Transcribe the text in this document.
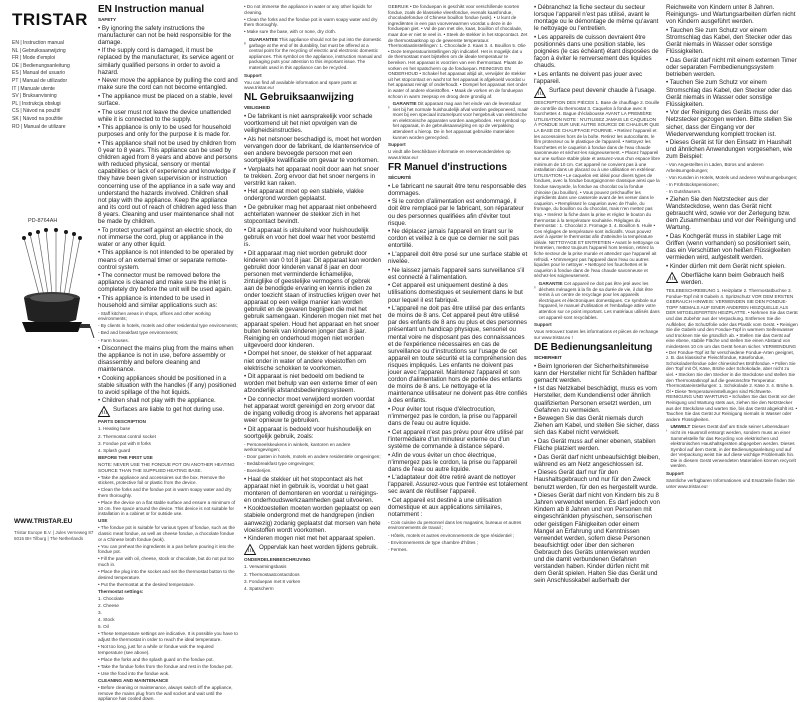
TRISTAR
EN | Instruction manual
NL | Gebruiksaanwijzing
FR | Mode d'emploi
DE | Bedienungsanleitung
ES | Manual del usuario
PT | Manual de utilizador
IT | Manuale utente
SV | Bruksanvisning
PL | Instrukcja obsługi
CS | Návod na použití
SK | Návod na použitie
RO | Manual de utilizare
PD-8764AH
WWW.TRISTAR.EU
Tristar Europe B.V. | Jules Verneweg 87
5015 BH Tilburg | The Netherlands
EN Instruction manual

SAFETY

• By ignoring the safety instructions the manufacturer can not be held responsible for the damage.

• If the supply cord is damaged, it must be replaced by the manufacturer, its service agent or similarly qualified persons in order to avoid a hazard.

• Never move the appliance by pulling the cord and make sure the cord can not become entangled.

• The appliance must be placed on a stable, level surface.

• The user must not leave the device unattended while it is connected to the supply.

• This appliance is only to be used for household purposes and only for the purpose it is made for.

• This appliance shall not be used by children from 0 year to 8 years. This appliance can be used by children aged from 8 years and above and persons with reduced physical, sensory or mental capabilities or lack of experience and knowledge if they have been given supervision or instruction concerning use of the appliance in a safe way and understand the hazards involved. Children shall not play with the appliance. Keep the appliance and its cord out of reach of children aged less than 8 years. Cleaning and user maintenance shall not be made by children.

• To protect yourself against an electric shock, do not immerse the cord, plug or appliance in the water or any other liquid.

• This appliance is not intended to be operated by means of an external timer or separate remote-control system.

• The connector must be removed before the appliance is cleaned and make sure the inlet is completely dry before the unit will be used again.

• This appliance is intended to be used in household and similar applications such as:

- Staff kitchen areas in shops, offices and other working environments;

- By clients in hotels, motels and other residential type environments;

- Bed and breakfast type environments;

- Farm houses.

• Disconnect the mains plug from the mains when the appliance is not in use, before assembly or disassembly and before cleaning and maintenance.

• Cooking appliances should be positioned in a stable situation with the handles (if any) positioned to avoid spillage of the hot liquids.

• Children shall not play with the appliance.

Surfaces are liable to get hot during use.

PARTS DESCRIPTION

1. Heating base

2. Thermostat control socket

3. Fondue pot with 8 forks

4. Splash guard

BEFORE THE FIRST USE

NOTE: NEVER USE THE FONDUE POT ON ANOTHER HEATING SOURCE THAN THE SUPPLIED HEATING BASE.

• Take the appliance and accessoires out the box. Remove the stickers, protective foil or plastic from the device.

• Clean the forks and the fondue pot in warm soapy water and dry them thoroughly.

• Place the device on a flat stable surface and ensure a minimum of 10 cm. free space around the device. This device is not suitable for installation in a cabinet or for outside use.

USE

• The fondue pot is suitable for various types of fondue, such as the classic meat fondue, as well as cheese fondue, a chocolate fondue or a Chinese broth fondue (wok).

• You can preheat the ingredients in a pan before pouring it into the fondue pot.

• Fill the pan with oil, cheese, stock or chocolate, but do not put too much in.

• Place the plug into the socket and set the thermostat button to the desired temperature.

• Put the thermostat at the desired temperature.

Thermostat settings:

1. Chocolate

2. Cheese

3.

4. Stock

5. Oil

• These temperature settings are indicative. It is possible you have to adjust the thermostat in order to reach the ideal temperature.

• Not too long, just for a while or fondue wok the required temperature (see above).

• Place the forks and the splash guard on the fondue pot.

• Take the fondue forks from the fondue and rest in the fondue pot.

• Use the food into the fondue wok.

CLEANING AND MAINTENANCE

• Before cleaning or maintenance, always switch off the appliance, remove the mains plug from the wall socket and wait until the appliance has cooled down.

• Do not immerse the appliance in water or any other liquids for cleaning.

• Clean the forks and the fondue pot in warm soapy water and dry them thoroughly.

• Make sure the base, with or none, dry cloth.

GUARANTEE This appliance should not be put into the domestic garbage at the end of its durability, but must be offered at a central point for the recycling of electric and electronic domestic appliances. This symbol on the appliance, instruction manual and packaging puts your attention to this important issue. The materials used in this appliance can be recycled.

Support

You can find all available information and spare parts at www.tristar.eu!

NL Gebruiksaanwijzing

VEILIGHEID

• De fabrikant is niet aansprakelijk voor schade voortkomend uit het niet opvolgen van de veiligheidsinstructies.

• Als het netsnoer beschadigd is, moet het worden vervangen door de fabrikant, de klantenservice of een andere bevoegde persoon met een soortgelijke kwalificatie om gevaar te voorkomen.

• Verplaats het apparaat nooit door aan het snoer te trekken. Zorg ervoor dat het snoer nergens in verstrikt kan raken.

• Het apparaat moet op een stabiele, vlakke ondergrond worden geplaatst.

• De gebruiker mag het apparaat niet onbeheerd achterlaten wanneer de stekker zich in het stopcontact bevindt.

• Dit apparaat is uitsluitend voor huishoudelijk gebruik en voor het doel waar het voor bestemd is.

• Dit apparaat mag niet worden gebruikt door kinderen van 0 tot 8 jaar. Dit apparaat kan worden gebruikt door kinderen vanaf 8 jaar en door personen met verminderde lichamelijke, zintuiglijke of geestelijke vermogens of gebrek aan de benodigde ervaring en kennis indien ze onder toezicht staan of instructies krijgen over het apparaat op een veilige manier kan worden gebruikt en de gevaren begrijpen die met het gebruik samengaan. Kinderen mogen niet met het apparaat spelen. Houd het apparaat en het snoer buiten bereik van kinderen jonger dan 8 jaar. Reiniging en onderhoud mogen niet worden uitgevoerd door kinderen.

• Dompel het snoer, de stekker of het apparaat niet onder in water of andere vloeistoffen om elektrische schokken te voorkomen.

• Dit apparaat is niet bedoeld om bediend te worden met behulp van een externe timer of een afzonderlijk afstandsbedieningssysteem.

• De connector moet verwijderd worden voordat het apparaat wordt gereinigd en zorg ervoor dat de ingang volledig droog is alvorens het apparaat weer opnieuw te gebruiken.

• Dit apparaat is bedoeld voor huishoudelijk en soortgelijk gebruik, zoals:

- Personeelskeukens in winkels, kantoren en andere werkomgevingen;

- Door gasten in hotels, motels en andere residentiële omgevingen;

- Bed&breakfast type omgevingen;

- Boerderijen.

• Haal de stekker uit het stopcontact als het apparaat niet in gebruik is, voordat u het gaat monteren of demonteren en voordat u reinigings- en onderhoudswerkzaamheden gaat uitvoeren.

• Kooktoestellen moeten worden geplaatst op een stabiele ondergrond met de handgrepen (indien aanwezig) zodanig geplaatst dat morsen van hete vloeistoffen wordt voorkomen.

• Kinderen mogen niet met het apparaat spelen.

Oppervlak kan heet worden tijdens gebruik.

ONDERDELENBESCHRIJVING

1. Verwarmingsbasis

2. Thermostaatcontactdoos

3. Fonduepan met 8 vorken

4. Spatscherm

GEBRUIK • De fonduepan is geschikt voor verschillende soorten fondue, zoals de klassieke vleesfondue, evenals kaasfondue, chocoladefondue of Chinese bouillon fondue (wok). • U kunt de ingrediënten in een pan voorverwarmen voordat u deze in de fonduepan giet. • Vul de pan met olie, kaas, bouillon of chocolade, maar doe er niet te veel in. • Steek de stekker in het stopcontact. Zet de thermostaatknop op de gewenste temperatuur. Thermostaatinstellingen: 1. Chocolade 2. Kaas 3. 4. Bouillon 5. Olie • Deze temperatuurinstellingen zijn indicatief. Het is mogelijk dat u de thermostaat moet bijstellen om de ideale temperatuur te bereiken. Het apparaat is voorzien van een thermostaat. Plaats de vorken en het spatscherm op de fonduepan. REINIGING EN ONDERHOUD • Schakel het apparaat altijd uit, verwijder de stekker uit het stopcontact en wacht tot het apparaat is afgekoeld voordat u het apparaat reinigt of onderhoudt. • Dompel het apparaat niet onder in water of andere vloeistoffen. • Maak de vorken en de fonduepan schoon in warm zeepsop en droog deze grondig af.

GARANTIE Dit apparaat mag aan het einde van de levensduur niet bij het normale huishoudelijk afval worden gedeponeerd, maar moet bij een speciaal inzamelpunt voor hergebruik van elektrische en elektronische apparaten worden aangeboden. Het symbool op het apparaat, in de gebruiksaanwijzing en op de verpakking attendeert u hierop. De in het apparaat gebruikte materialen kunnen worden gerecycled.

Support

U vindt alle beschikbare informatie en reserveonderdelen op www.tristar.eu!

FR Manuel d'instructions

SÉCURITÉ

• Le fabricant ne saurait être tenu responsable des dommages.

• Si le cordon d'alimentation est endommagé, il doit être remplacé par le fabricant, son réparateur ou des personnes qualifiées afin d'éviter tout risque.

• Ne déplacez jamais l'appareil en tirant sur le cordon et veillez à ce que ce dernier ne soit pas entortillé.

• L'appareil doit être posé sur une surface stable et nivelée.

• Ne laissez jamais l'appareil sans surveillance s'il est connecté à l'alimentation.

• Cet appareil est uniquement destiné à des utilisations domestiques et seulement dans le but pour lequel il est fabriqué.

• L'appareil ne doit pas être utilisé par des enfants de moins de 8 ans. Cet appareil peut être utilisé par des enfants de 8 ans ou plus et des personnes présentant un handicap physique, sensoriel ou mental voire ne disposant pas des connaissances et de l'expérience nécessaires en cas de surveillance ou d'instructions sur l'usage de cet appareil en toute sécurité et la compréhension des risques impliqués. Les enfants ne doivent pas jouer avec l'appareil. Maintenez l'appareil et son cordon d'alimentation hors de portée des enfants de moins de 8 ans. Le nettoyage et la maintenance utilisateur ne doivent pas être confiés à des enfants.

• Pour éviter tout risque d'électrocution, n'immergez pas le cordon, la prise ou l'appareil dans de l'eau ou autre liquide.

• Cet appareil n'est pas prévu pour être utilisé par l'intermédiaire d'un minuteur externe ou d'un système de commande à distance séparé.

• Afin de vous éviter un choc électrique, n'immergez pas le cordon, la prise ou l'appareil dans de l'eau ou autre liquide.

• L'adaptateur doit être retiré avant de nettoyer l'appareil. Assurez-vous que l'entrée est totalement sec avant de réutiliser l'appareil.

• Cet appareil est destiné à une utilisation domestique et aux applications similaires, notamment :

- Coin cuisine du personnel dans les magasins, bureaux et autres environnements de travail ;

- Hôtels, motels et autres environnements de type résidentiel ;

- Environnements de type chambre d'hôtes ;

- Fermes.

• Débranchez la fiche secteur du secteur lorsque l'appareil n'est pas utilisé, avant le montage ou le démontage de même qu'avant le nettoyage ou l'entretien.

• Les appareils de cuisson devraient être positionnés dans une position stable, les poignées (le cas échéant) étant disposées de façon à éviter le renversement des liquides chauds.

• Les enfants ne doivent pas jouer avec l'appareil.

Surface peut devenir chaude à l'usage.

DESCRIPTION DES PIÈCES 1. Base de chauffage 2. Douille de contrôle du thermostat 3. Caquelon à fondue avec 8 fourchettes 4. Bague d'éclabousse AVANT LA PREMIÈRE UTILISATION NOTE : N'UTILISEZ JAMAIS LE CAQUELON À FONDUE SUR UNE AUTRE SOURCE DE CHALEUR QUE LA BASE DE CHAUFFAGE FOURNIE. • Retirez l'appareil et les accessoires hors de la boîte. Retirez les autocollants, le film protecteur ou le plastique de l'appareil. • Nettoyez les fourchettes et le caquelon à fondue dans de l'eau chaude savonneuse et séchez-les soigneusement. • Placez l'appareil sur une surface stable plate et assurez-vous d'un espace libre minimum de 10 cm. Cet appareil ne convient pas à une installation dans un placard ou à une utilisation en extérieur. UTILISATION • Le caquelon est idéal pour divers types de fondues, avec la fondue bourguignonne classique ainsi que la fondue savoyarde, la fondue au chocolat ou la fondue chinoise (au bouillon). • Vous pouvez préchauffer les ingrédients dans une casserole avant de les verser dans le caquelon. • Remplissez le caquelon avec de l'huile, du fromage, du bouillon ou du chocolat, mais n'en mettez pas trop. • Insérez la fiche dans la prise et réglez le bouton du thermostat à la température souhaitée. Réglages du thermostat : 1. Chocolat 2. Fromage 3. 4. Bouillon 5. Huile • Ces réglages de température sont indicatifs. Vous pouvez avoir à ajuster le thermostat afin d'atteindre la température idéale. NETTOYAGE ET ENTRETIEN • Avant le nettoyage ou l'entretien, mettez toujours l'appareil hors tension, retirez la fiche secteur de la prise murale et attendez que l'appareil ait refroidi. • N'immergez pas l'appareil dans l'eau ou autres liquides pour le nettoyer. • Nettoyez les fourchettes et le caquelon à fondue dans de l'eau chaude savonneuse et séchez-les soigneusement.

GARANTIE Cet appareil ne doit pas être jeté avec les déchets ménagers à la fin de sa durée de vie, il doit être remis à un centre de recyclage pour les appareils électriques et électroniques domestiques. Ce symbole sur l'appareil, le manuel d'utilisation et l'emballage attire votre attention sur ce point important. Les matériaux utilisés dans cet appareil sont recyclables.

Support

Vous retrouvez toutes les informations et pièces de rechange sur www.tristar.eu !

DE Bedienungsanleitung

SICHERHEIT

• Beim Ignorieren der Sicherheitshinweise kann der Hersteller nicht für Schäden haftbar gemacht werden.

• Ist das Netzkabel beschädigt, muss es vom Hersteller, dem Kundendienst oder ähnlich qualifizierten Personen ersetzt werden, um Gefahren zu vermeiden.

• Bewegen Sie das Gerät niemals durch Ziehen am Kabel, und stellen Sie sicher, dass sich das Kabel nicht verwickelt.

• Das Gerät muss auf einer ebenen, stabilen Fläche platziert werden.

• Das Gerät darf nicht unbeaufsichtigt bleiben, während es am Netz angeschlossen ist.

• Dieses Gerät darf nur für den Haushaltsgebrauch und nur für den Zweck benutzt werden, für den es hergestellt wurde.

• Dieses Gerät darf nicht von Kindern bis zu 8 Jahren verwendet werden. Es darf jedoch von Kindern ab 8 Jahren und von Personen mit eingeschränkten physischen, sensorischen oder geistigen Fähigkeiten oder einem Mangel an Erfahrung und Kenntnissen verwendet werden, sofern diese Personen beaufsichtigt oder über den sicheren Gebrauch des Geräts unterwiesen wurden und die damit verbundenen Gefahren verstanden haben. Kinder dürfen nicht mit dem Gerät spielen. Halten Sie das Gerät und sein Anschlusskabel außerhalb der

Reichweite von Kindern unter 8 Jahren. Reinigungs- und Wartungsarbeiten dürfen nicht von Kindern ausgeführt werden.

• Tauchen Sie zum Schutz vor einem Stromschlag das Kabel, den Stecker oder das Gerät niemals in Wasser oder sonstige Flüssigkeiten.

• Das Gerät darf nicht mit einem externen Timer oder separaten Fernbedienungssystem betrieben werden.

• Tauchen Sie zum Schutz vor einem Stromschlag das Kabel, den Stecker oder das Gerät niemals in Wasser oder sonstige Flüssigkeiten.

• Vor der Reinigung des Geräts muss der Netzstecker gezogen werden. Bitte stellen Sie sicher, dass der Eingang vor der Wiederverwendung komplett trocken ist.

• Dieses Gerät ist für den Einsatz im Haushalt und ähnlichen Anwendungen vorgesehen, wie zum Beispiel:

- Von Angestellten in Läden, Büros und anderen Arbeitsumgebungen;

- Von Kunden in Hotels, Motels und anderen Wohnumgebungen;

- In Frühstückspensionen;

- In Gutshäusern.

• Ziehen Sie den Netzstecker aus der Wandsteckdose, wenn das Gerät nicht gebraucht wird, sowie vor der Zerlegung bzw. dem Zusammenbau und vor der Reinigung und Wartung.

• Das Kochgerät muss in stabiler Lage mit Griffen (wenn vorhanden) so positioniert sein, das ein Verschütten von heißen Flüssigkeiten vermieden wird, aufgestellt werden.

• Kinder dürfen mit dem Gerät nicht spielen.

Oberfläche kann beim Gebrauch heiß werden.

TEILEBESCHREIBUNG 1. Heizplatte 2. Thermostatbuchse 3. Fondue-Topf mit 8 Gabeln 4. Spritzschutz VOR DEM ERSTEN GEBRAUCH HINWEIS: VERWENDEN SIE DEN FONDUE-TOPF NIEMALS AUF EINER ANDEREN HEIZQUELLE ALS DER MITGELIEFERTEN HEIZPLATTE. • Nehmen Sie das Gerät und das Zubehör aus der Verpackung. Entfernen Sie die Aufkleber, die Schutzfolie oder das Plastik vom Gerät. • Reinigen Sie die Gabeln und den Fondue-Topf in warmem Seifenwasser und trocknen Sie sie gründlich ab. • Stellen Sie das Gerät auf eine ebene, stabile Fläche und stellen Sie einen Abstand von mindestens 10 cm um das Gerät herum sicher. VERWENDUNG • Der Fondue-Topf ist für verschiedene Fondue-Arten geeignet, z. B. das klassische Fleischfondue, Käsefondue, Schokoladenfondue oder chinesisches Brühfondue. • Füllen Sie den Topf mit Öl, Käse, Brühe oder Schokolade, aber nicht zu viel. • Stecken Sie den Stecker in die Steckdose und stellen Sie den Thermostatknopf auf die gewünschte Temperatur. Thermostateinstellungen: 1. Schokolade 2. Käse 3. 4. Brühe 5. Öl • Diese Temperatureinstellungen sind Richtwerte. REINIGUNG UND WARTUNG • Schalten Sie das Gerät vor der Reinigung und Wartung stets aus, ziehen Sie den Netzstecker aus der Steckdose und warten Sie, bis das Gerät abgekühlt ist. • Tauchen Sie das Gerät zur Reinigung niemals in Wasser oder andere Flüssigkeiten.

UMWELT Dieses Gerät darf am Ende seiner Lebensdauer nicht im Hausmüll entsorgt werden, sondern muss an einer Sammelstelle für das Recycling von elektrischen und elektronischen Haushaltsgeräten abgegeben werden. Dieses Symbol auf dem Gerät, in der Bedienungsanleitung und auf der Verpackung weist Sie auf diese wichtige Problematik hin. Die in diesem Gerät verwendeten Materialien können recycelt werden.

Support

Sämtliche verfügbaren Informationen und Ersatzteile finden Sie unter www.tristar.eu!
